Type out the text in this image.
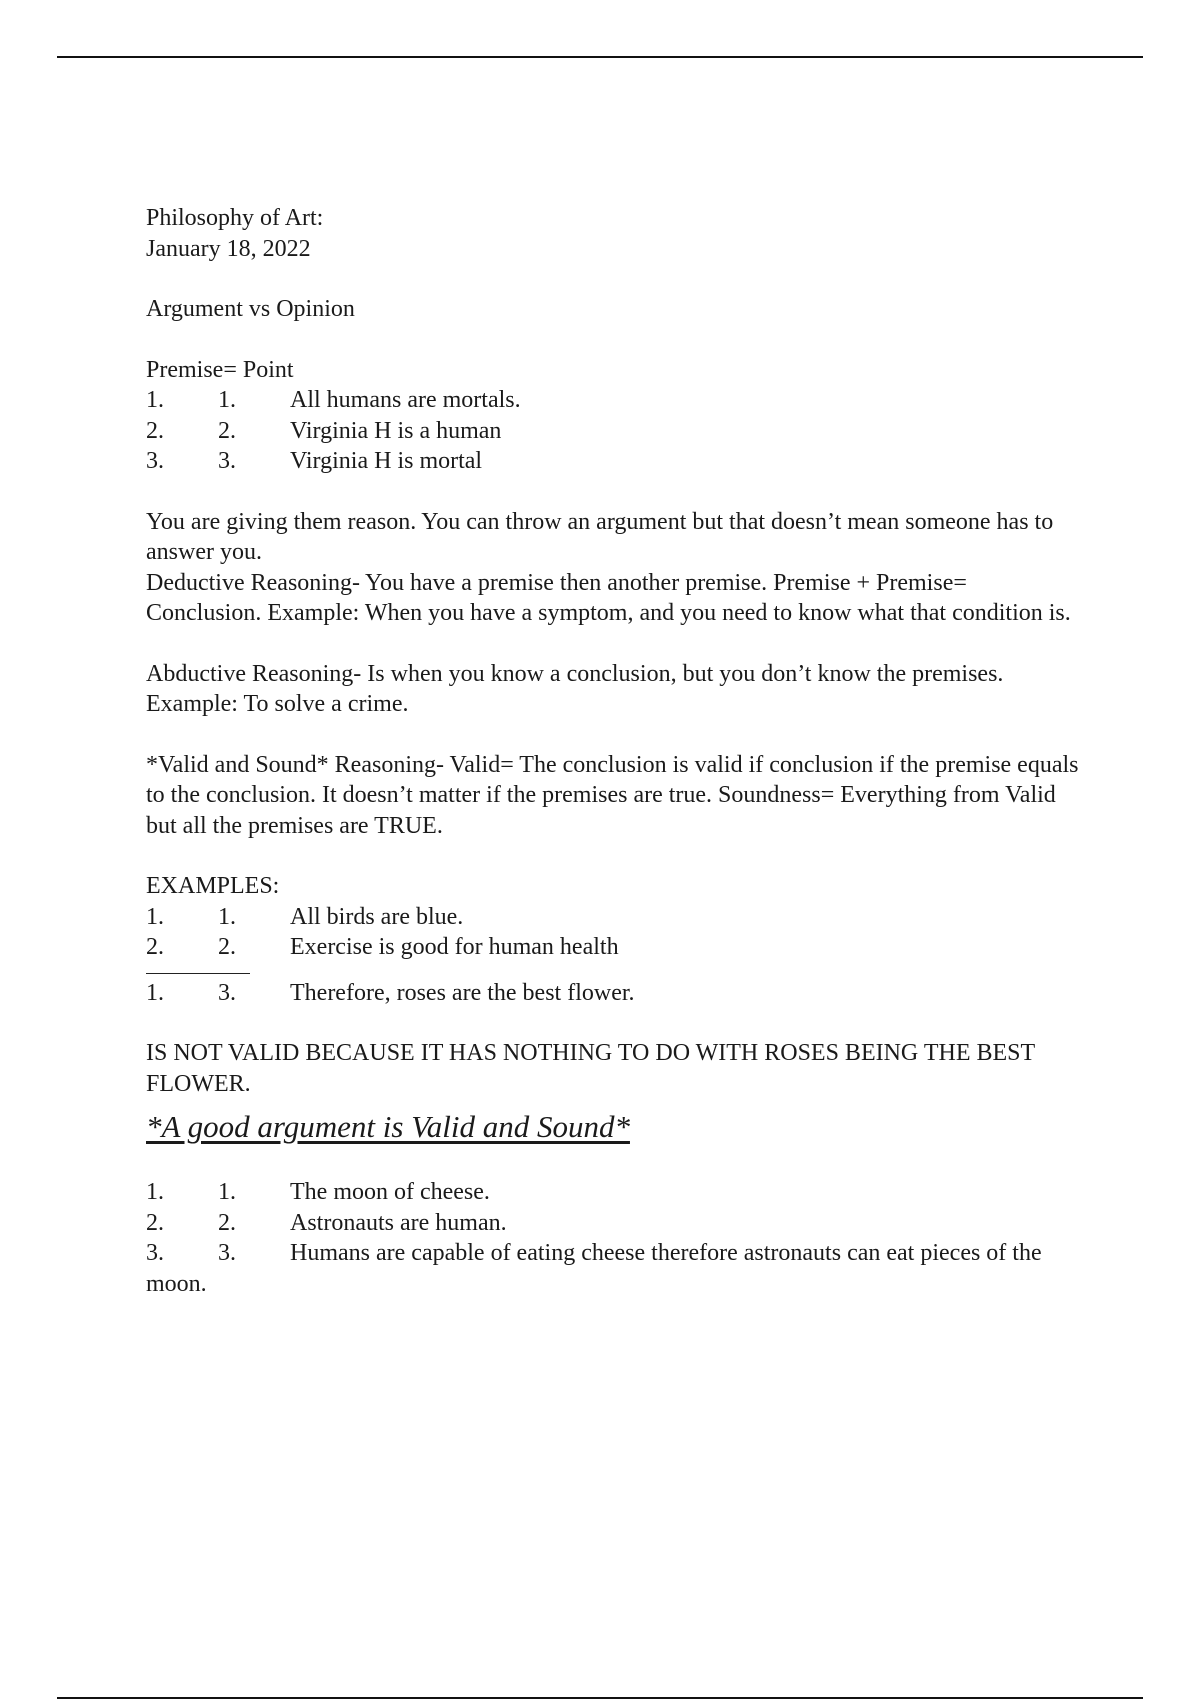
Philosophy of Art:
January 18, 2022
Argument vs Opinion
Premise= Point
1.	1.	All humans are mortals.
2.	2.	Virginia H is a human
3.	3.	Virginia H is mortal
You are giving them reason. You can throw an argument but that doesn’t mean someone has to answer you.
Deductive Reasoning- You have a premise then another premise. Premise + Premise= Conclusion. Example: When you have a symptom, and you need to know what that condition is.
Abductive Reasoning- Is when you know a conclusion, but you don’t know the premises. Example: To solve a crime.
*Valid and Sound* Reasoning- Valid= The conclusion is valid if conclusion if the premise equals to the conclusion. It doesn’t matter if the premises are true. Soundness= Everything from Valid but all the premises are TRUE.
EXAMPLES:
1.	1.	All birds are blue.
2.	2.	Exercise is good for human health
1.	3.	Therefore, roses are the best flower.
IS NOT VALID BECAUSE IT HAS NOTHING TO DO WITH ROSES BEING THE BEST FLOWER.
*A good argument is Valid and Sound*
1.	1.	The moon of cheese.
2.	2.	Astronauts are human.
3. 3. Humans are capable of eating cheese therefore astronauts can eat pieces of the moon.
